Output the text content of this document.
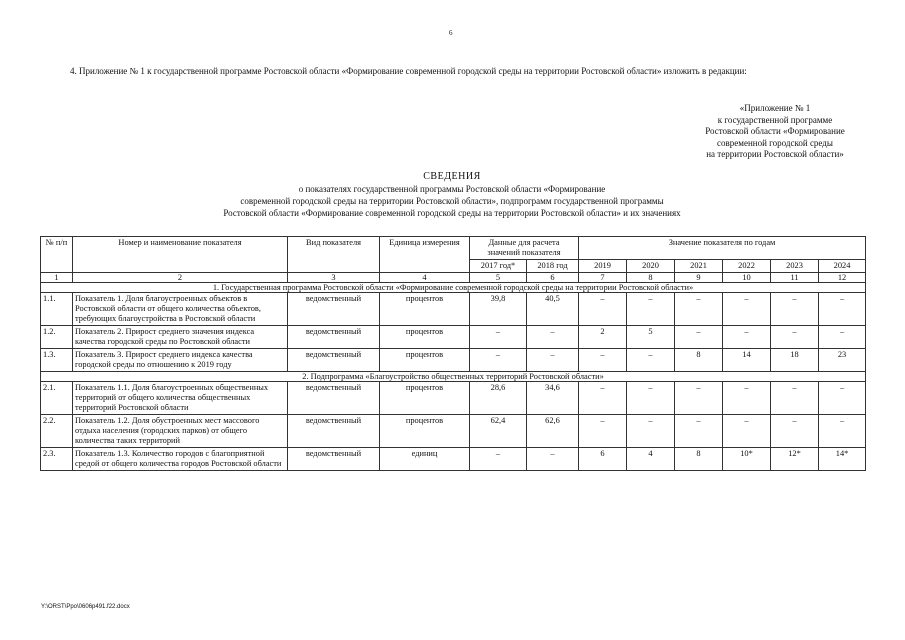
6
4. Приложение № 1 к государственной программе Ростовской области «Формирование современной городской среды на территории Ростовской области» изложить в редакции:
«Приложение № 1
к государственной программе
Ростовской области «Формирование
современной городской среды
на территории Ростовской области»
СВЕДЕНИЯ
о показателях государственной программы Ростовской области «Формирование
современной городской среды на территории Ростовской области», подпрограмм государственной программы
Ростовской области «Формирование современной городской среды на территории Ростовской области» и их значениях
№ п/п	Номер и наименование показателя	Вид показателя	Единица измерения	Данные для расчета значений показателя		Значение показателя по годам					
				2017 год*	2018 год	2019	2020	2021	2022	2023	2024
1	2	3	4	5	6	7	8	9	10	11	12
1. Государственная программа Ростовской области «Формирование современной городской среды на территории Ростовской области»											
1.1.	Показатель 1. Доля благоустроенных объектов в Ростовской области от общего количества объектов, требующих благоустройства в Ростовской области	ведомственный	процентов	39,8	40,5	–	–	–	–	–	–
1.2.	Показатель 2. Прирост среднего значения индекса качества городской среды по Ростовской области	ведомственный	процентов	–	–	2	5	–	–	–	–
1.3.	Показатель 3. Прирост среднего индекса качества городской среды по отношению к 2019 году	ведомственный	процентов	–	–	–	–	8	14	18	23
2. Подпрограмма «Благоустройство общественных территорий Ростовской области»											
2.1.	Показатель 1.1. Доля благоустроенных общественных территорий от общего количества общественных территорий Ростовской области	ведомственный	процентов	28,6	34,6	–	–	–	–	–	–
2.2.	Показатель 1.2. Доля обустроенных мест массового отдыха населения (городских парков) от общего количества таких территорий	ведомственный	процентов	62,4	62,6	–	–	–	–	–	–
2.3.	Показатель 1.3. Количество городов с благоприятной средой от общего количества городов Ростовской области	ведомственный	единиц	–	–	6	4	8	10*	12*	14*
Y:\ORST\Ppo\0606p491.f22.docx
